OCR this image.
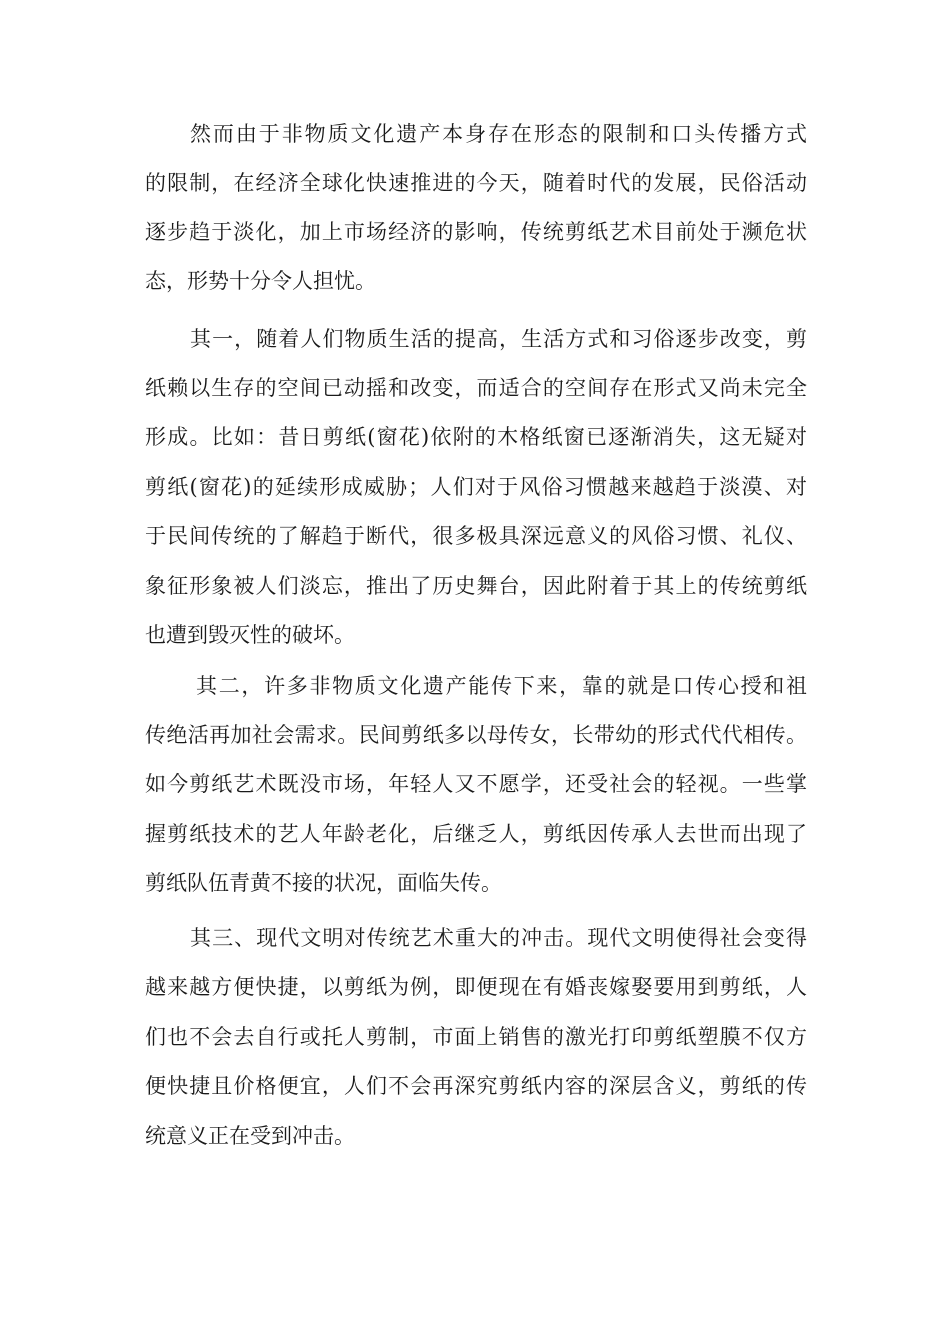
然而由于非物质文化遗产本身存在形态的限制和口头传播方式
的限制，在经济全球化快速推进的今天，随着时代的发展，民俗活动
逐步趋于淡化，加上市场经济的影响，传统剪纸艺术目前处于濒危状
态，形势十分令人担忧。
其一，随着人们物质生活的提高，生活方式和习俗逐步改变，剪
纸赖以生存的空间已动摇和改变，而适合的空间存在形式又尚未完全
形成。比如：昔日剪纸(窗花)依附的木格纸窗已逐渐消失，这无疑对
剪纸(窗花)的延续形成威胁；人们对于风俗习惯越来越趋于淡漠、对
于民间传统的了解趋于断代，很多极具深远意义的风俗习惯、礼仪、
象征形象被人们淡忘，推出了历史舞台，因此附着于其上的传统剪纸
也遭到毁灭性的破坏。
其二，许多非物质文化遗产能传下来，靠的就是口传心授和祖
传绝活再加社会需求。民间剪纸多以母传女，长带幼的形式代代相传。
如今剪纸艺术既没市场，年轻人又不愿学，还受社会的轻视。一些掌
握剪纸技术的艺人年龄老化，后继乏人，剪纸因传承人去世而出现了
剪纸队伍青黄不接的状况，面临失传。
其三、现代文明对传统艺术重大的冲击。现代文明使得社会变得
越来越方便快捷，以剪纸为例，即便现在有婚丧嫁娶要用到剪纸，人
们也不会去自行或托人剪制，市面上销售的激光打印剪纸塑膜不仅方
便快捷且价格便宜，人们不会再深究剪纸内容的深层含义，剪纸的传
统意义正在受到冲击。
